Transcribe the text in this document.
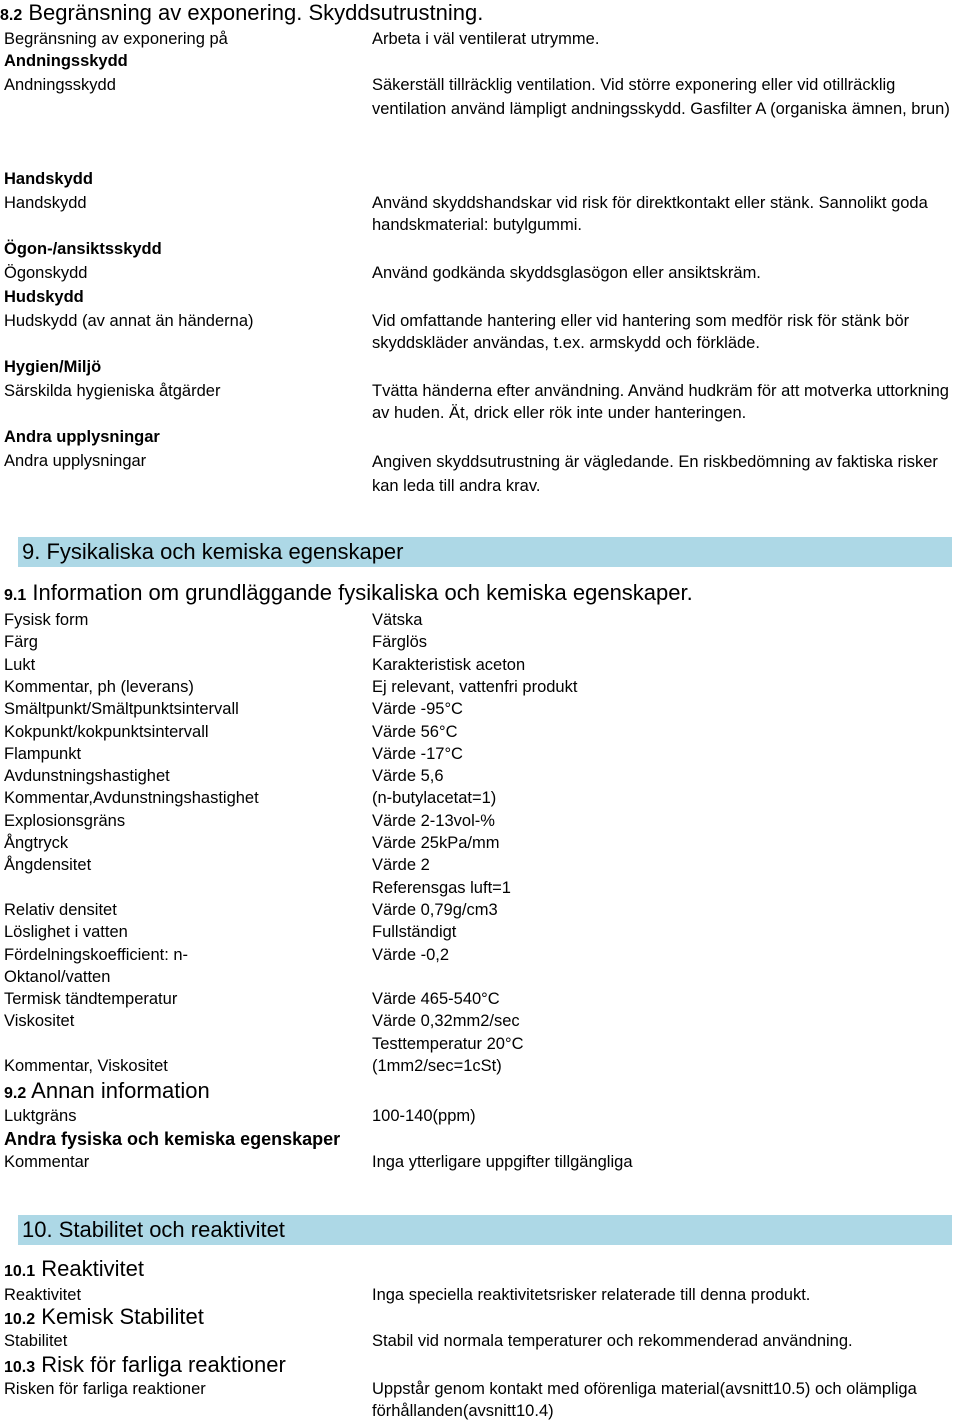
8.2 Begränsning av exponering. Skyddsutrustning.
Begränsning av exponering på	Arbeta i väl ventilerat utrymme.
Andningsskydd
Andningsskydd	Säkerställ tillräcklig ventilation. Vid större exponering eller vid otillräcklig ventilation använd lämpligt andningsskydd. Gasfilter A (organiska ämnen, brun)
Handskydd
Handskydd	Använd skyddshandskar vid risk för direktkontakt eller stänk. Sannolikt goda handskmaterial: butylgummi.
Ögon-/ansiktsskydd
Ögonskydd	Använd godkända skyddsglasögon eller ansiktskräm.
Hudskydd
Hudskydd (av annat än händerna)	Vid omfattande hantering eller vid hantering som medför risk för stänk bör skyddskläder användas, t.ex. armskydd och förkläde.
Hygien/Miljö
Särskilda hygieniska åtgärder	Tvätta händerna efter användning. Använd hudkräm för att motverka uttorkning av huden. Ät, drick eller rök inte under hanteringen.
Andra upplysningar
Andra upplysningar	Angiven skyddsutrustning är vägledande. En riskbedömning av faktiska risker kan leda till andra krav.
9. Fysikaliska och kemiska egenskaper
9.1 Information om grundläggande fysikaliska och kemiska egenskaper.
Fysisk form	Vätska
Färg	Färglös
Lukt	Karakteristisk aceton
Kommentar, ph (leverans)	Ej relevant, vattenfri produkt
Smältpunkt/Smältpunktsintervall	Värde -95°C
Kokpunkt/kokpunktsintervall	Värde 56°C
Flampunkt	Värde -17°C
Avdunstningshastighet	Värde 5,6
Kommentar,Avdunstningshastighet	(n-butylacetat=1)
Explosionsgräns	Värde 2-13vol-%
Ångtryck	Värde 25kPa/mm
Ångdensitet	Värde 2
Referensgas luft=1
Relativ densitet	Värde 0,79g/cm3
Löslighet i vatten	Fullständigt
Fördelningskoefficient: n-	Värde -0,2
Oktanol/vatten
Termisk tändtemperatur	Värde 465-540°C
Viskositet	Värde 0,32mm2/sec
Testtemperatur 20°C
Kommentar, Viskositet	(1mm2/sec=1cSt)
9.2 Annan information
Luktgräns	100-140(ppm)
Andra fysiska och kemiska egenskaper
Kommentar	Inga ytterligare uppgifter tillgängliga
10. Stabilitet och reaktivitet
10.1 Reaktivitet
Reaktivitet	Inga speciella reaktivitetsrisker relaterade till denna produkt.
10.2 Kemisk Stabilitet
Stabilitet	Stabil vid normala temperaturer och rekommenderad användning.
10.3 Risk för farliga reaktioner
Risken för farliga reaktioner	Uppstår genom kontakt med oförenliga material(avsnitt10.5) och olämpliga förhållanden(avsnitt10.4)
